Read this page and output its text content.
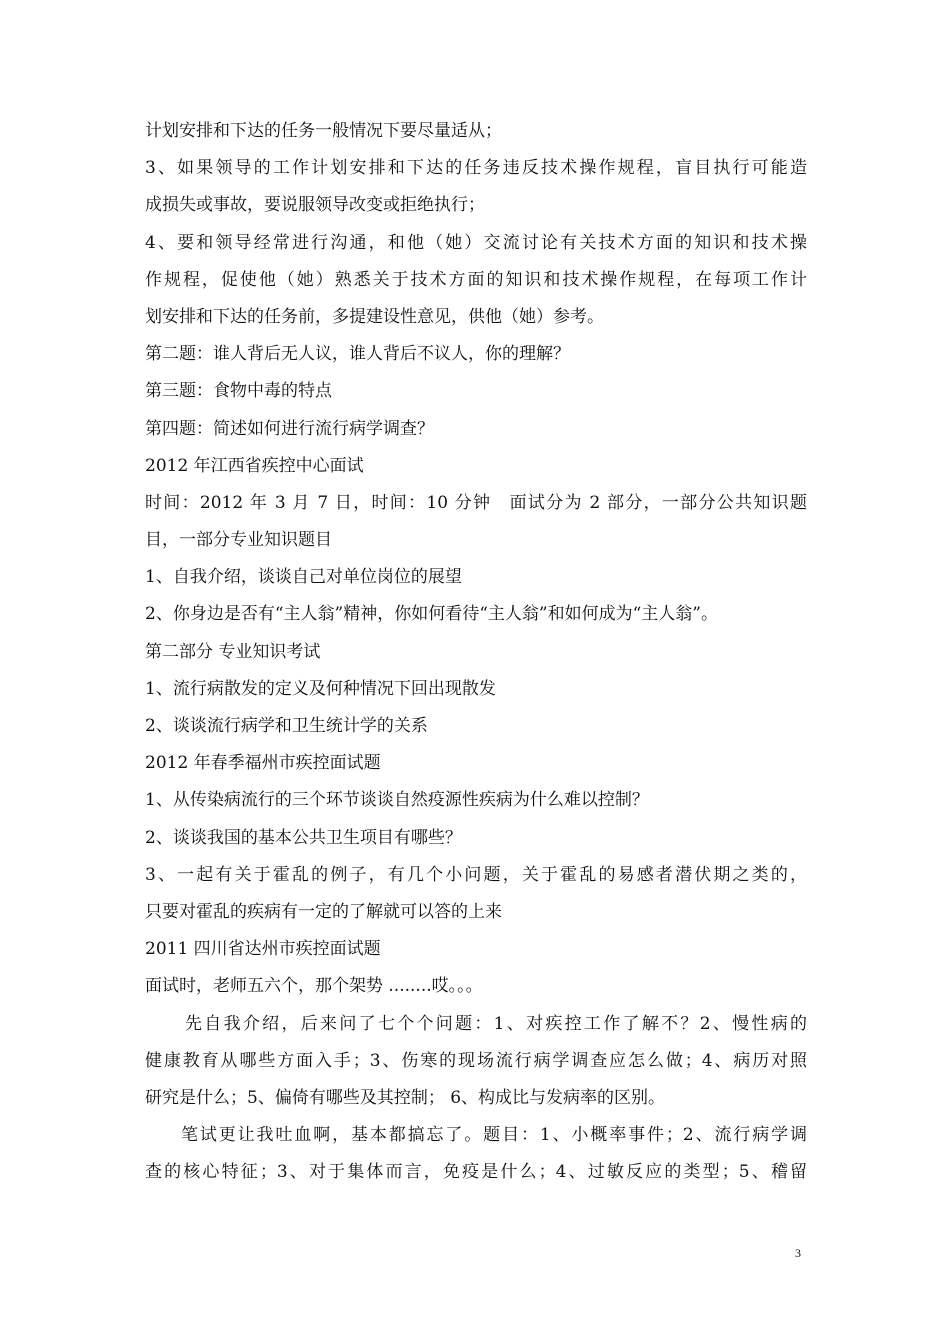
计划安排和下达的任务一般情况下要尽量适从；
3、如果领导的工作计划安排和下达的任务违反技术操作规程，盲目执行可能造
成损失或事故，要说服领导改变或拒绝执行；
4、要和领导经常进行沟通，和他（她）交流讨论有关技术方面的知识和技术操
作规程，促使他（她）熟悉关于技术方面的知识和技术操作规程，在每项工作计
划安排和下达的任务前，多提建设性意见，供他（她）参考。
第二题：谁人背后无人议，谁人背后不议人，你的理解？
第三题：食物中毒的特点
第四题：简述如何进行流行病学调查？
2012 年江西省疾控中心面试
时间：2012 年 3 月 7 日，时间：10 分钟　面试分为 2 部分，一部分公共知识题
目，一部分专业知识题目
1、自我介绍，谈谈自己对单位岗位的展望
2、你身边是否有“主人翁”精神，你如何看待“主人翁”和如何成为“主人翁”。
第二部分 专业知识考试
1、流行病散发的定义及何种情况下回出现散发
2、谈谈流行病学和卫生统计学的关系
2012 年春季福州市疾控面试题
1、从传染病流行的三个环节谈谈自然疫源性疾病为什么难以控制？
2、谈谈我国的基本公共卫生项目有哪些？
3、一起有关于霍乱的例子，有几个小问题，关于霍乱的易感者潜伏期之类的，
只要对霍乱的疾病有一定的了解就可以答的上来
2011 四川省达州市疾控面试题
面试时，老师五六个，那个架势 ........哎。。。
先自我介绍，后来问了七个个问题：1、对疾控工作了解不？2、慢性病的
健康教育从哪些方面入手；3、伤寒的现场流行病学调查应怎么做；4、病历对照
研究是什么；5、偏倚有哪些及其控制； 6、构成比与发病率的区别。
笔试更让我吐血啊，基本都搞忘了。题目：1、小概率事件；2、流行病学调
查的核心特征；3、对于集体而言，免疫是什么；4、过敏反应的类型；5、稽留
3
